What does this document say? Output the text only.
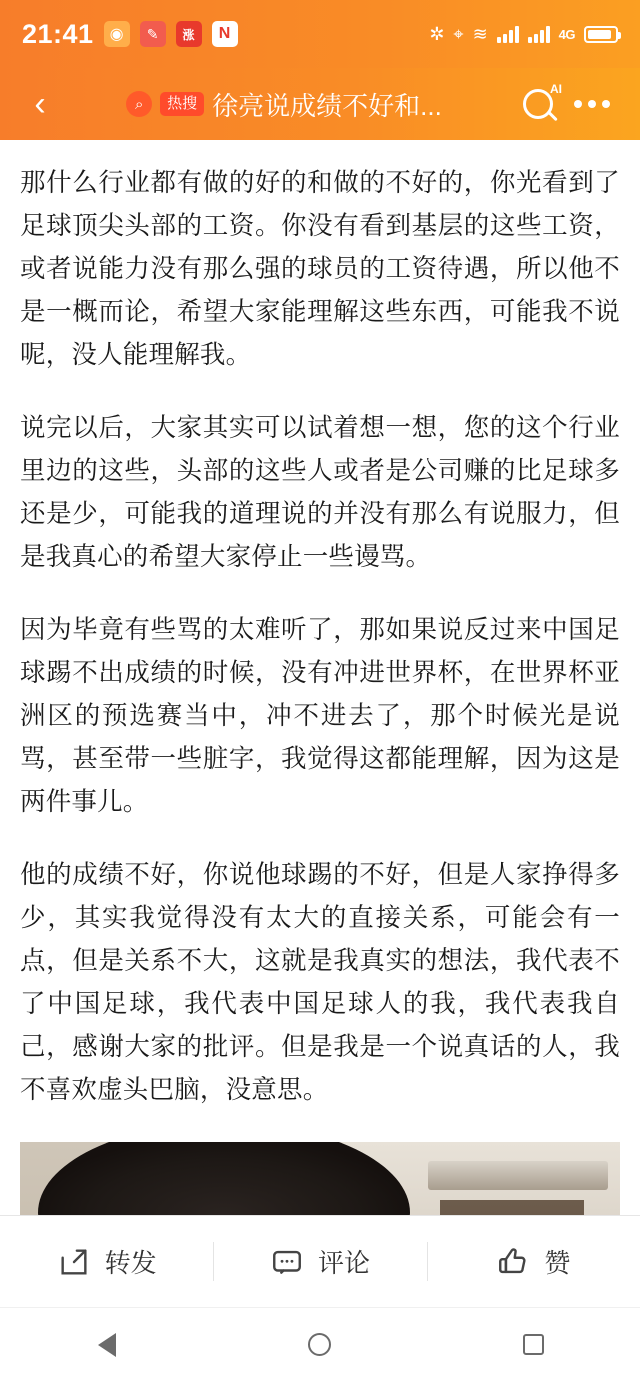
21:41	◉	✎	涨	N	✲ ⌖ ≋	4G
‹	⌕	热搜 徐亮说成绩不好和...
AI

那什么行业都有做的好的和做的不好的，你光看到了足球顶尖头部的工资。你没有看到基层的这些工资，或者说能力没有那么强的球员的工资待遇，所以他不是一概而论，希望大家能理解这些东西，可能我不说呢，没人能理解我。

说完以后，大家其实可以试着想一想，您的这个行业里边的这些，头部的这些人或者是公司赚的比足球多还是少，可能我的道理说的并没有那么有说服力，但是我真心的希望大家停止一些谩骂。

因为毕竟有些骂的太难听了，那如果说反过来中国足球踢不出成绩的时候，没有冲进世界杯，在世界杯亚洲区的预选赛当中，冲不进去了，那个时候光是说骂，甚至带一些脏字，我觉得这都能理解，因为这是两件事儿。

他的成绩不好，你说他球踢的不好，但是人家挣得多少，其实我觉得没有太大的直接关系，可能会有一点，但是关系不大，这就是我真实的想法，我代表不了中国足球，我代表中国足球人的我，我代表我自己，感谢大家的批评。但是我是一个说真话的人，我不喜欢虚头巴脑，没意思。

转发	评论	赞
